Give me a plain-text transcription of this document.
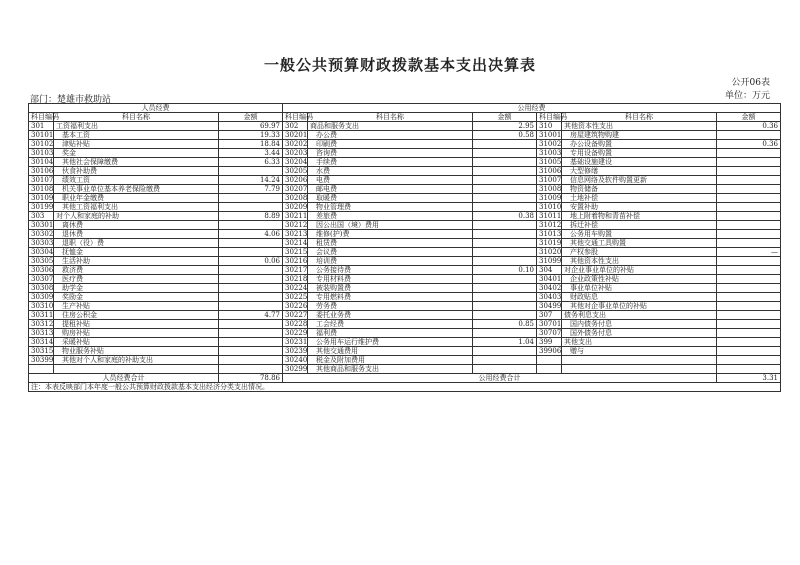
一般公共预算财政拨款基本支出决算表
公开06表
单位：万元
部门：楚雄市救助站
人员经费			公用经费					
科目编码	科目名称	金额	科目编码	科目名称	金额	科目编码	科目名称	金额
301	工资福利支出	69.97	302	商品和服务支出	2.95	310	其他资本性支出	0.36
30101	基本工资	19.33	30201	办公费	0.58	31001	房屋建筑物购建	
30102	津贴补贴	18.84	30202	印刷费		31002	办公设备购置	0.36
30103	奖金	3.44	30203	咨询费		31003	专用设备购置	
30104	其他社会保障缴费	6.33	30204	手续费		31005	基础设施建设	
30106	伙食补助费		30205	水费		31006	大型修缮	
30107	绩效工资	14.24	30206	电费		31007	信息网络及软件购置更新	
30108	机关事业单位基本养老保险缴费	7.79	30207	邮电费		31008	物资储备	
30109	职业年金缴费		30208	取暖费		31009	土地补偿	
30199	其他工资福利支出		30209	物业管理费		31010	安置补助	
303	对个人和家庭的补助	8.89	30211	差旅费	0.38	31011	地上附着物和青苗补偿	
30301	离休费		30212	因公出国（境）费用		31012	拆迁补偿	
30302	退休费	4.06	30213	维修(护)费		31013	公务用车购置	
30303	退职（役）费		30214	租赁费		31019	其他交通工具购置	
30304	抚恤金		30215	会议费		31020	产权参股	—
30305	生活补助	0.06	30216	培训费		31099	其他资本性支出	
30306	救济费		30217	公务接待费	0.10	304	对企业事业单位的补贴	
30307	医疗费		30218	专用材料费		30401	企业政策性补贴	
30308	助学金		30224	被装购置费		30402	事业单位补贴	
30309	奖励金		30225	专用燃料费		30403	财政贴息	
30310	生产补贴		30226	劳务费		30499	其他对企事业单位的补贴	
30311	住房公积金	4.77	30227	委托业务费		307	债务利息支出	
30312	提租补贴		30228	工会经费	0.85	30701	国内债务付息	
30313	购房补贴		30229	福利费		30707	国外债务付息	
30314	采暖补贴		30231	公务用车运行维护费	1.04	399	其他支出	
30315	物业服务补贴		30239	其他交通费用		39906	赠与	
30399	其他对个人和家庭的补助支出		30240	税金及附加费用				
			30299	其他商品和服务支出				
人员经费合计		78.86	公用经费合计					3.31
注：本表反映部门本年度一般公共预算财政拨款基本支出经济分类支出情况。								
